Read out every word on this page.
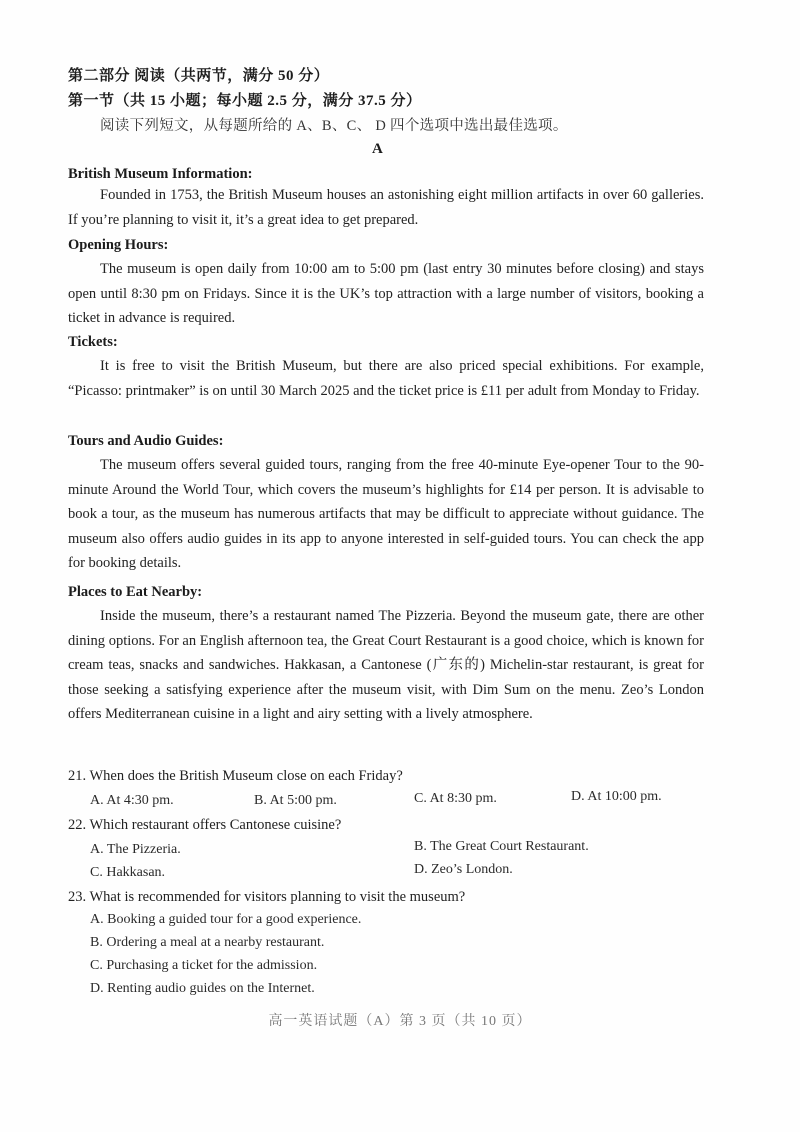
第二部分 阅读（共两节，满分 50 分）
第一节（共 15 小题；每小题 2.5 分，满分 37.5 分）
阅读下列短文，从每题所给的 A、B、C、 D 四个选项中选出最佳选项。
A
British Museum Information:
Founded in 1753, the British Museum houses an astonishing eight million artifacts in over 60 galleries. If you’re planning to visit it, it’s a great idea to get prepared.
Opening Hours:
The museum is open daily from 10:00 am to 5:00 pm (last entry 30 minutes before closing) and stays open until 8:30 pm on Fridays. Since it is the UK’s top attraction with a large number of visitors, booking a ticket in advance is required.
Tickets:
It is free to visit the British Museum, but there are also priced special exhibitions. For example, “Picasso: printmaker” is on until 30 March 2025 and the ticket price is £11 per adult from Monday to Friday.
Tours and Audio Guides:
The museum offers several guided tours, ranging from the free 40-minute Eye-opener Tour to the 90-minute Around the World Tour, which covers the museum’s highlights for £14 per person. It is advisable to book a tour, as the museum has numerous artifacts that may be difficult to appreciate without guidance. The museum also offers audio guides in its app to anyone interested in self-guided tours. You can check the app for booking details.
Places to Eat Nearby:
Inside the museum, there’s a restaurant named The Pizzeria. Beyond the museum gate, there are other dining options. For an English afternoon tea, the Great Court Restaurant is a good choice, which is known for cream teas, snacks and sandwiches. Hakkasan, a Cantonese (广东的) Michelin-star restaurant, is great for those seeking a satisfying experience after the museum visit, with Dim Sum on the menu. Zeo’s London offers Mediterranean cuisine in a light and airy setting with a lively atmosphere.
21. When does the British Museum close on each Friday?
A. At 4:30 pm.	B. At 5:00 pm.	C. At 8:30 pm.	D. At 10:00 pm.
22. Which restaurant offers Cantonese cuisine?
A. The Pizzeria.	B. The Great Court Restaurant.
C. Hakkasan.	D. Zeo’s London.
23. What is recommended for visitors planning to visit the museum?
A. Booking a guided tour for a good experience.
B. Ordering a meal at a nearby restaurant.
C. Purchasing a ticket for the admission.
D. Renting audio guides on the Internet.
高一英语试题（A）第 3 页（共 10 页）
